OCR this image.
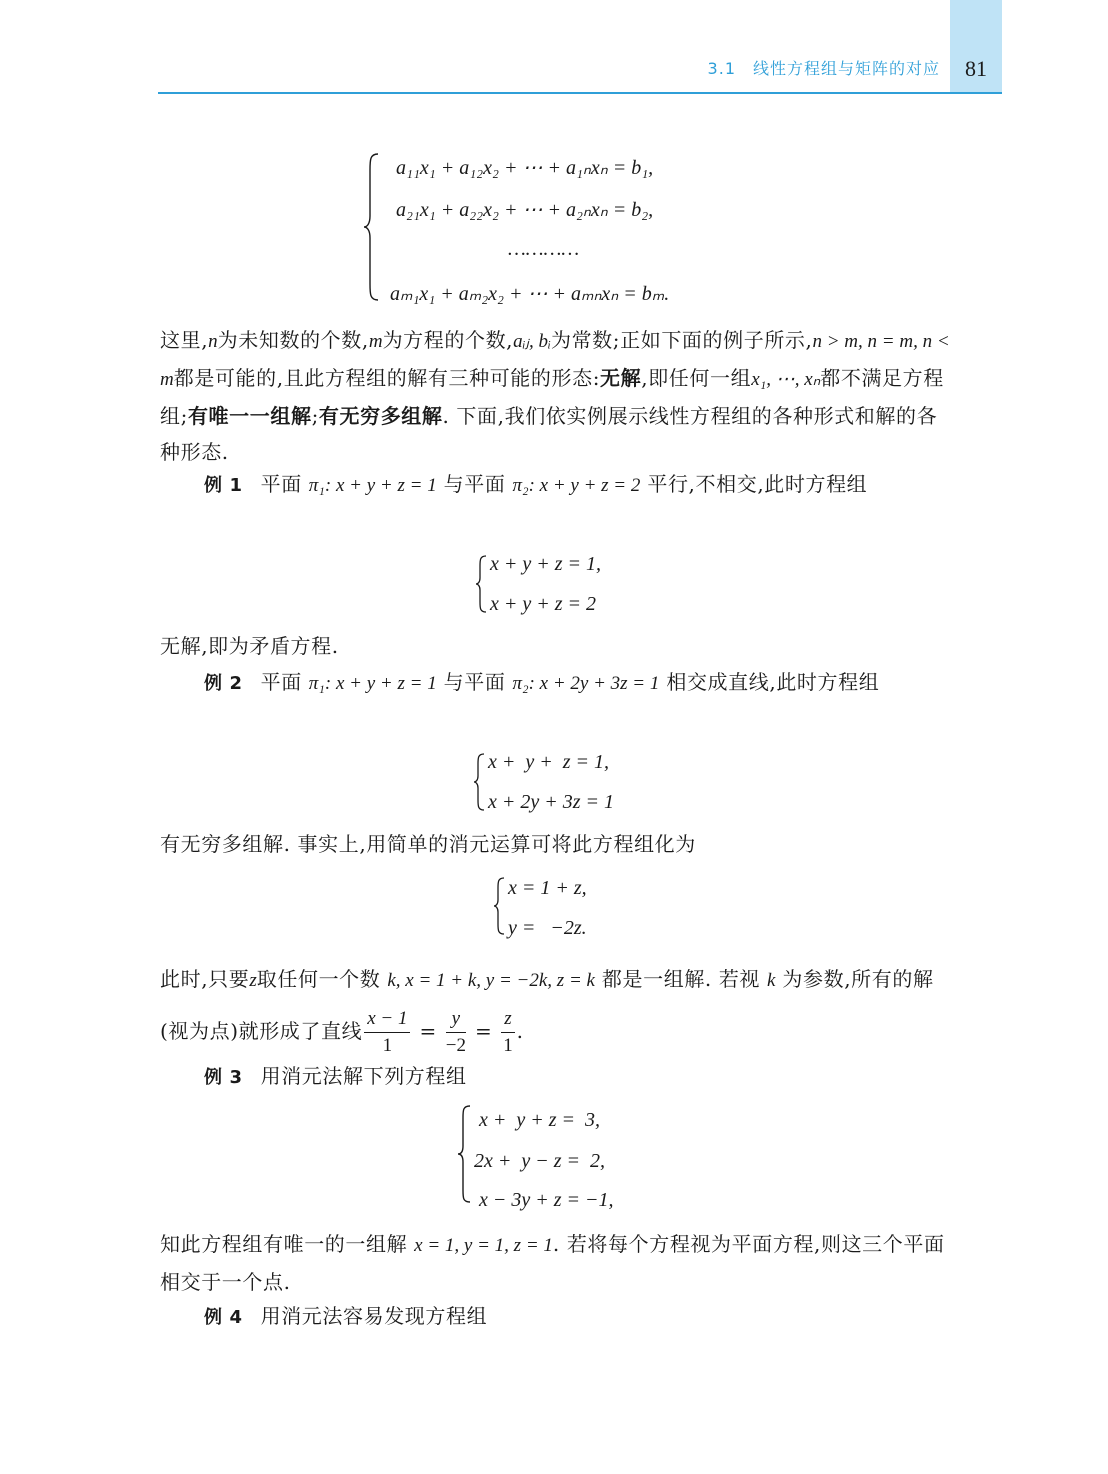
3.1　线性方程组与矩阵的对应	81
a₁₁x₁ + a₁₂x₂ + ⋯ + a₁ₙxₙ = b₁,
a₂₁x₁ + a₂₂x₂ + ⋯ + a₂ₙxₙ = b₂,
…………
aₘ₁x₁ + aₘ₂x₂ + ⋯ + aₘₙxₙ = bₘ.
这里,n为未知数的个数,m为方程的个数,aᵢⱼ, bᵢ为常数;正如下面的例子所示,n > m, n = m, n < m都是可能的,且此方程组的解有三种可能的形态:无解,即任何一组x₁, ⋯, xₙ都不满足方程组;有唯一一组解;有无穷多组解. 下面,我们依实例展示线性方程组的各种形式和解的各种形态.
例 1 平面 π₁: x + y + z = 1 与平面 π₂: x + y + z = 2 平行,不相交,此时方程组
x + y + z = 1,
x + y + z = 2
无解,即为矛盾方程.
例 2 平面 π₁: x + y + z = 1 与平面 π₂: x + 2y + 3z = 1 相交成直线,此时方程组
x +  y +  z = 1,
x + 2y + 3z = 1
有无穷多组解. 事实上,用简单的消元运算可将此方程组化为
x = 1 + z,
y =   −2z.
此时,只要z取任何一个数 k, x = 1 + k, y = −2k, z = k 都是一组解. 若视 k 为参数,所有的解(视为点)就形成了直线 $\frac{x - 1}{1} = \frac{y}{-2} = \frac{z}{1}$ .
例 3 用消元法解下列方程组
x +  y + z =  3,
2x +  y − z =  2,
x − 3y + z = −1,
知此方程组有唯一的一组解 x = 1, y = 1, z = 1. 若将每个方程视为平面方程,则这三个平面相交于一个点.
例 4 用消元法容易发现方程组
